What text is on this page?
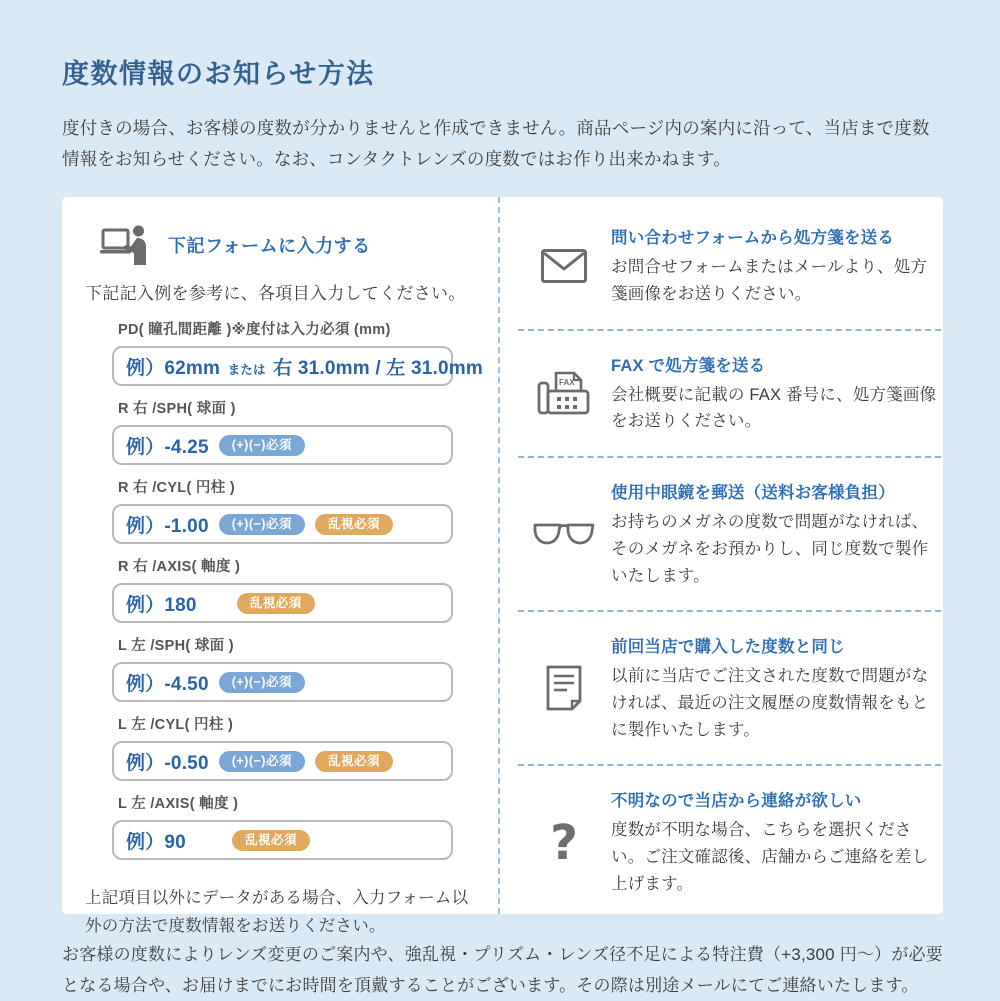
度数情報のお知らせ方法
度付きの場合、お客様の度数が分かりませんと作成できません。商品ページ内の案内に沿って、当店まで度数情報をお知らせください。なお、コンタクトレンズの度数ではお作り出来かねます。
下記フォームに入力する
下記記入例を参考に、各項目入力してください。
PD( 瞳孔間距離 )※度付は入力必須 (mm)
例）62mm または 右 31.0mm / 左 31.0mm
R 右 /SPH( 球面 )
例）-4.25	(+)(−)必須
R 右 /CYL( 円柱 )
例）-1.00	(+)(−)必須	乱視必須
R 右 /AXIS( 軸度 )
例）180	乱視必須
L 左 /SPH( 球面 )
例）-4.50	(+)(−)必須
L 左 /CYL( 円柱 )
例）-0.50	(+)(−)必須	乱視必須
L 左 /AXIS( 軸度 )
例）90	乱視必須
上記項目以外にデータがある場合、入力フォーム以外の方法で度数情報をお送りください。
問い合わせフォームから処方箋を送る
お問合せフォームまたはメールより、処方箋画像をお送りください。
FAX
FAX で処方箋を送る
会社概要に記載の FAX 番号に、処方箋画像をお送りください。
使用中眼鏡を郵送（送料お客様負担）
お持ちのメガネの度数で問題がなければ、そのメガネをお預かりし、同じ度数で製作いたします。
前回当店で購入した度数と同じ
以前に当店でご注文された度数で問題がなければ、最近の注文履歴の度数情報をもとに製作いたします。
?
不明なので当店から連絡が欲しい
度数が不明な場合、こちらを選択ください。ご注文確認後、店舗からご連絡を差し上げます。
お客様の度数によりレンズ変更のご案内や、強乱視・プリズム・レンズ径不足による特注費（+3,300 円〜）が必要となる場合や、お届けまでにお時間を頂戴することがございます。その際は別途メールにてご連絡いたします。
